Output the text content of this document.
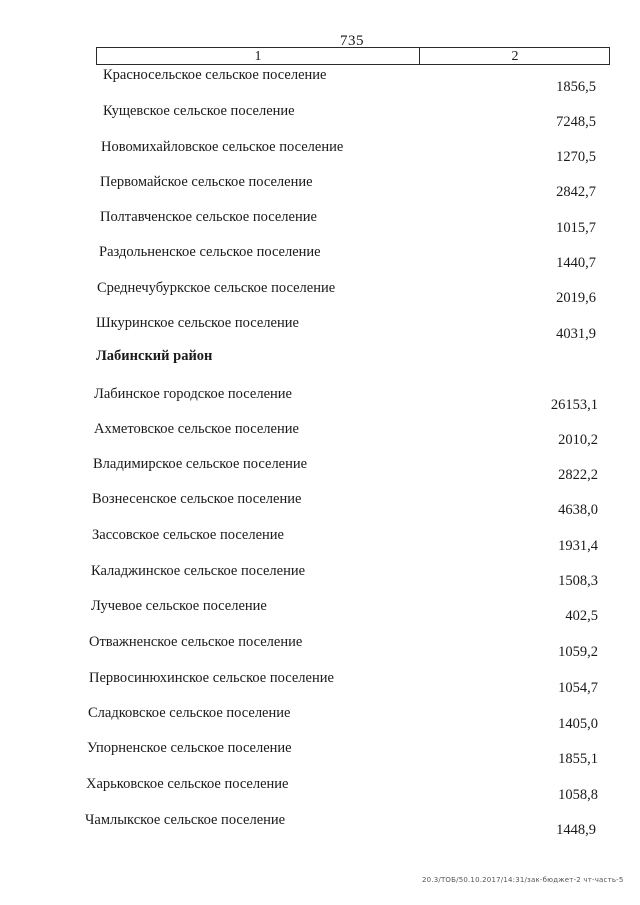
735
1	2
Красносельское сельское поселение
1856,5
Кущевское сельское поселение
7248,5
Новомихайловское сельское поселение
1270,5
Первомайское сельское поселение
2842,7
Полтавченское сельское поселение
1015,7
Раздольненское сельское поселение
1440,7
Среднечубуркское сельское поселение
2019,6
Шкуринское сельское поселение
4031,9
Лабинский район
Лабинское городское поселение
26153,1
Ахметовское сельское поселение
2010,2
Владимирское сельское поселение
2822,2
Вознесенское сельское поселение
4638,0
Зассовское сельское поселение
1931,4
Каладжинское сельское поселение
1508,3
Лучевое сельское поселение
402,5
Отважненское сельское поселение
1059,2
Первосинюхинское сельское поселение
1054,7
Сладковское сельское поселение
1405,0
Упорненское сельское поселение
1855,1
Харьковское сельское поселение
1058,8
Чамлыкское сельское поселение
1448,9
20.3/ТОБ/50.10.2017/14:31/зак-бюджет-2 чт-часть-5
